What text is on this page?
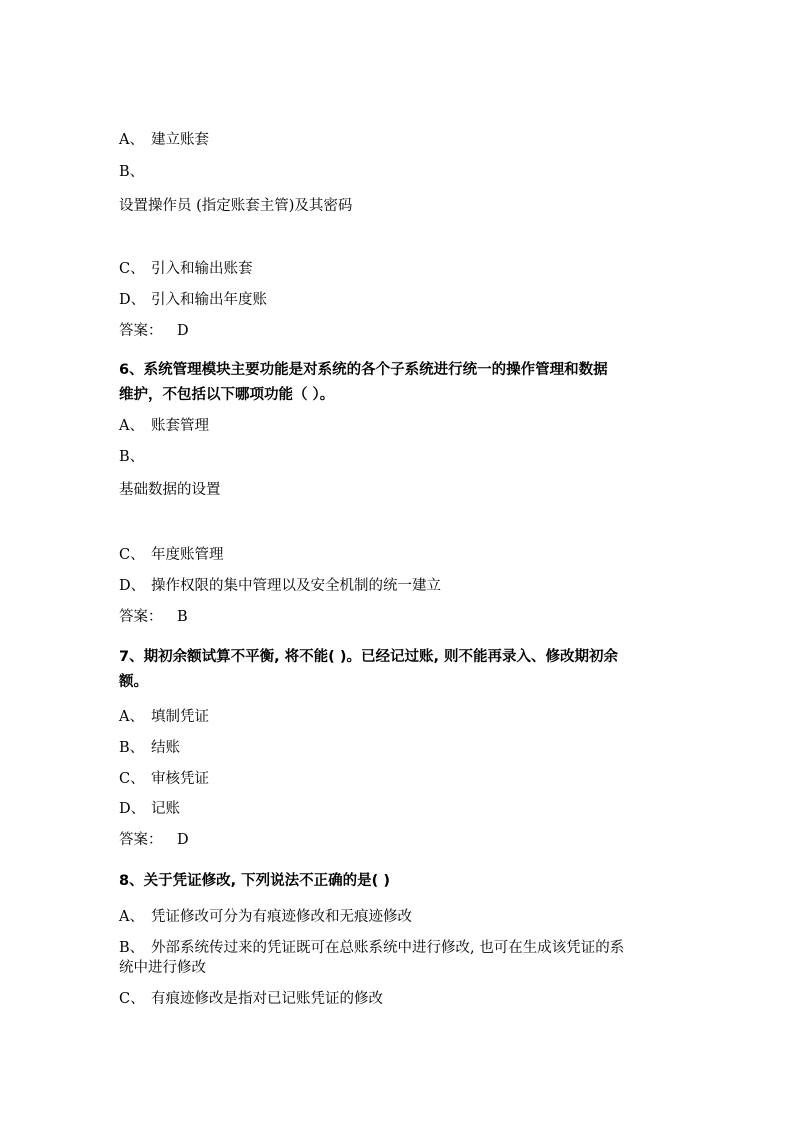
A、 建立账套
B、
设置操作员 (指定账套主管)及其密码
C、 引入和输出账套
D、 引入和输出年度账
答案： D
6、系统管理模块主要功能是对系统的各个子系统进行统一的操作管理和数据
维护，不包括以下哪项功能（ ）。
A、 账套管理
B、
基础数据的设置
C、 年度账管理
D、 操作权限的集中管理以及安全机制的统一建立
答案： B
7、期初余额试算不平衡, 将不能( )。已经记过账, 则不能再录入、修改期初余
额。
A、 填制凭证
B、 结账
C、 审核凭证
D、 记账
答案： D
8、关于凭证修改, 下列说法不正确的是( )
A、 凭证修改可分为有痕迹修改和无痕迹修改
B、 外部系统传过来的凭证既可在总账系统中进行修改, 也可在生成该凭证的系
统中进行修改
C、 有痕迹修改是指对已记账凭证的修改
